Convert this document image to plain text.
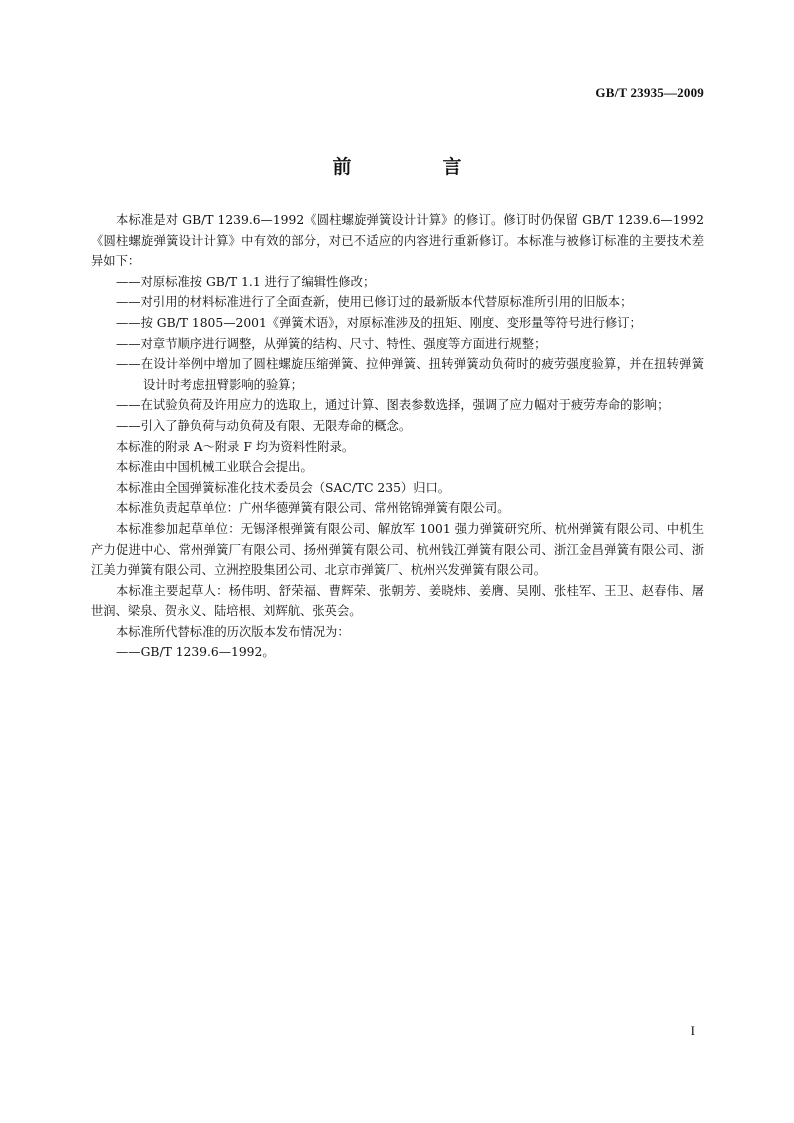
GB/T 23935—2009
前　言

本标准是对 GB/T 1239.6—1992《圆柱螺旋弹簧设计计算》的修订。修订时仍保留 GB/T 1239.6—1992《圆柱螺旋弹簧设计计算》中有效的部分，对已不适应的内容进行重新修订。本标准与被修订标准的主要技术差异如下：

——对原标准按 GB/T 1.1 进行了编辑性修改；

——对引用的材料标准进行了全面查新，使用已修订过的最新版本代替原标准所引用的旧版本；

——按 GB/T 1805—2001《弹簧术语》，对原标准涉及的扭矩、刚度、变形量等符号进行修订；

——对章节顺序进行调整，从弹簧的结构、尺寸、特性、强度等方面进行规整；

——在设计举例中增加了圆柱螺旋压缩弹簧、拉伸弹簧、扭转弹簧动负荷时的疲劳强度验算，并在扭转弹簧设计时考虑扭臂影响的验算；

——在试验负荷及许用应力的选取上，通过计算、图表参数选择，强调了应力幅对于疲劳寿命的影响；

——引入了静负荷与动负荷及有限、无限寿命的概念。

本标准的附录 A～附录 F 均为资料性附录。

本标准由中国机械工业联合会提出。

本标准由全国弹簧标准化技术委员会（SAC/TC 235）归口。

本标准负责起草单位：广州华德弹簧有限公司、常州铭锦弹簧有限公司。

本标准参加起草单位：无锡泽根弹簧有限公司、解放军 1001 强力弹簧研究所、杭州弹簧有限公司、中机生产力促进中心、常州弹簧厂有限公司、扬州弹簧有限公司、杭州钱江弹簧有限公司、浙江金昌弹簧有限公司、浙江美力弹簧有限公司、立洲控股集团公司、北京市弹簧厂、杭州兴发弹簧有限公司。

本标准主要起草人：杨伟明、舒荣福、曹辉荣、张朝芳、姜晓炜、姜膺、吴刚、张桂军、王卫、赵春伟、屠世润、梁泉、贺永义、陆培根、刘辉航、张英会。

本标准所代替标准的历次版本发布情况为：

——GB/T 1239.6—1992。

I
